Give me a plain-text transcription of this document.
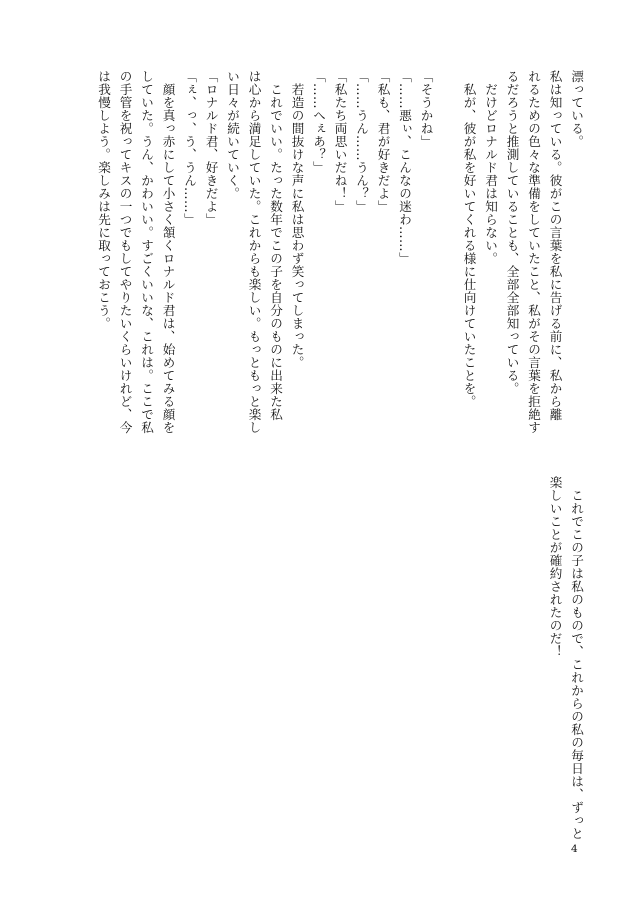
漂っている。
私は知っている。彼がこの言葉を私に告げる前に、私から離
れるための色々な準備をしていたこと、私がその言葉を拒絶す
るだろうと推測していることも、全部全部知っている。
　だけどロナルド君は知らない。
　私が、彼が私を好いてくれる様に仕向けていたことを。
「そうかね」
「……悪ぃ、こんなの迷わ……」
「私も、君が好きだよ」
「……うん……うん？」
「私たち両思いだね！」
「……へぇあ？」
　若造の間抜けな声に私は思わず笑ってしまった。
　これでいい。たった数年でこの子を自分のものに出来た私
は心から満足していた。これからも楽しい。もっともっと楽し
い日々が続いていく。
「ロナルド君、好きだよ」
「ぇ、っ、う、うん……」
　顔を真っ赤にして小さく頷くロナルド君は、始めてみる顔を
していた。うん、かわいい。すごくいいな、これは。ここで私
の手管を祝ってキスの一つでもしてやりたいくらいけれど、今
は我慢しよう。楽しみは先に取っておこう。
　これでこの子は私のもので、これからの私の毎日は、ずっと
楽しいことが確約されたのだ！
4
